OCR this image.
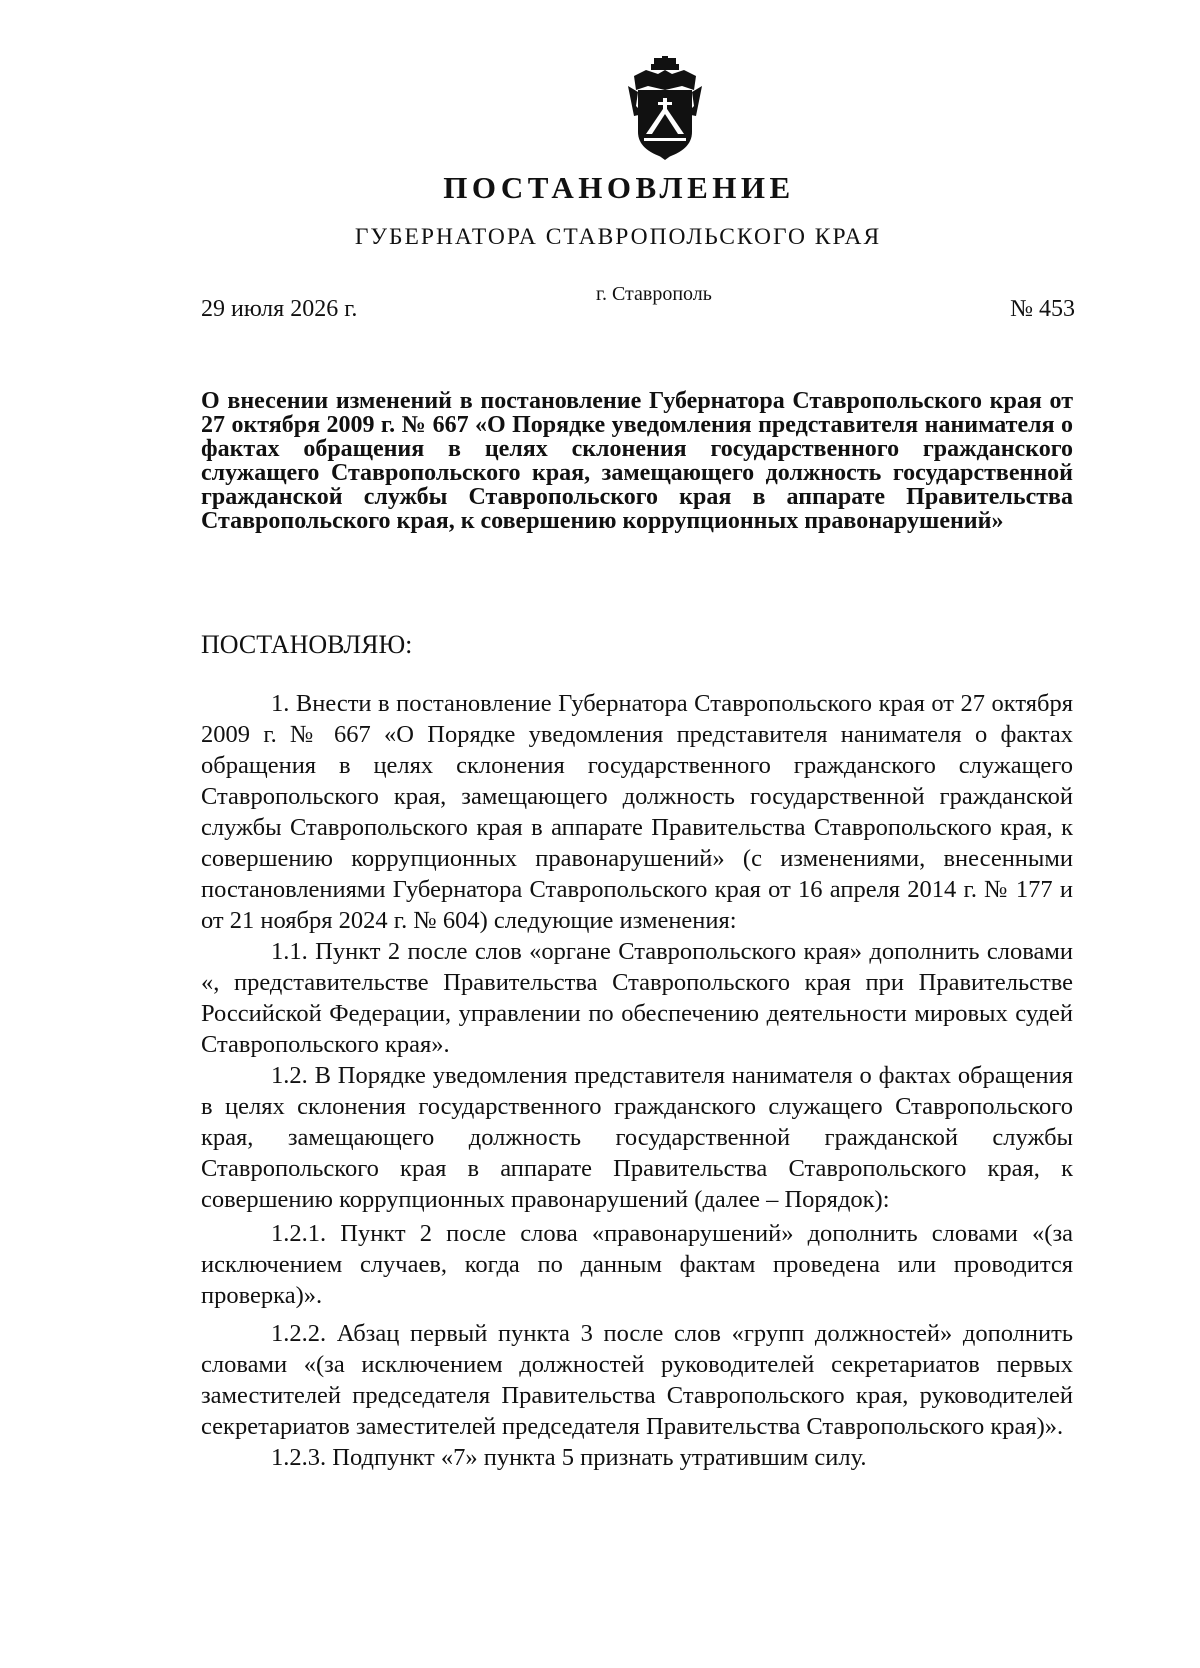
ПОСТАНОВЛЕНИЕ
ГУБЕРНАТОРА СТАВРОПОЛЬСКОГО КРАЯ
29 июля 2026 г.
г. Ставрополь
№ 453
О внесении изменений в постановление Губернатора Ставропольского края от 27 октября 2009 г. № 667 «О Порядке уведомления представителя нанимателя о фактах обращения в целях склонения государственного гражданского служащего Ставропольского края, замещающего должность государственной гражданской службы Ставропольского края в аппарате Правительства Ставропольского края, к совершению коррупционных правонарушений»
ПОСТАНОВЛЯЮ:

1. Внести в постановление Губернатора Ставропольского края от 27 октября 2009 г. № 667 «О Порядке уведомления представителя нанимателя о фактах обращения в целях склонения государственного гражданского служащего Ставропольского края, замещающего должность государственной гражданской службы Ставропольского края в аппарате Правительства Ставропольского края, к совершению коррупционных правонарушений» (с изменениями, внесенными постановлениями Губернатора Ставропольского края от 16 апреля 2014 г. № 177 и от 21 ноября 2024 г. № 604) следующие изменения:

1.1. Пункт 2 после слов «органе Ставропольского края» дополнить словами «, представительстве Правительства Ставропольского края при Правительстве Российской Федерации, управлении по обеспечению деятельности мировых судей Ставропольского края».

1.2. В Порядке уведомления представителя нанимателя о фактах обращения в целях склонения государственного гражданского служащего Ставропольского края, замещающего должность государственной гражданской службы Ставропольского края в аппарате Правительства Ставропольского края, к совершению коррупционных правонарушений (далее – Порядок):

1.2.1. Пункт 2 после слова «правонарушений» дополнить словами «(за исключением случаев, когда по данным фактам проведена или проводится проверка)».

1.2.2. Абзац первый пункта 3 после слов «групп должностей» дополнить словами «(за исключением должностей руководителей секретариатов первых заместителей председателя Правительства Ставропольского края, руководителей секретариатов заместителей председателя Правительства Ставропольского края)».

1.2.3. Подпункт «7» пункта 5 признать утратившим силу.
